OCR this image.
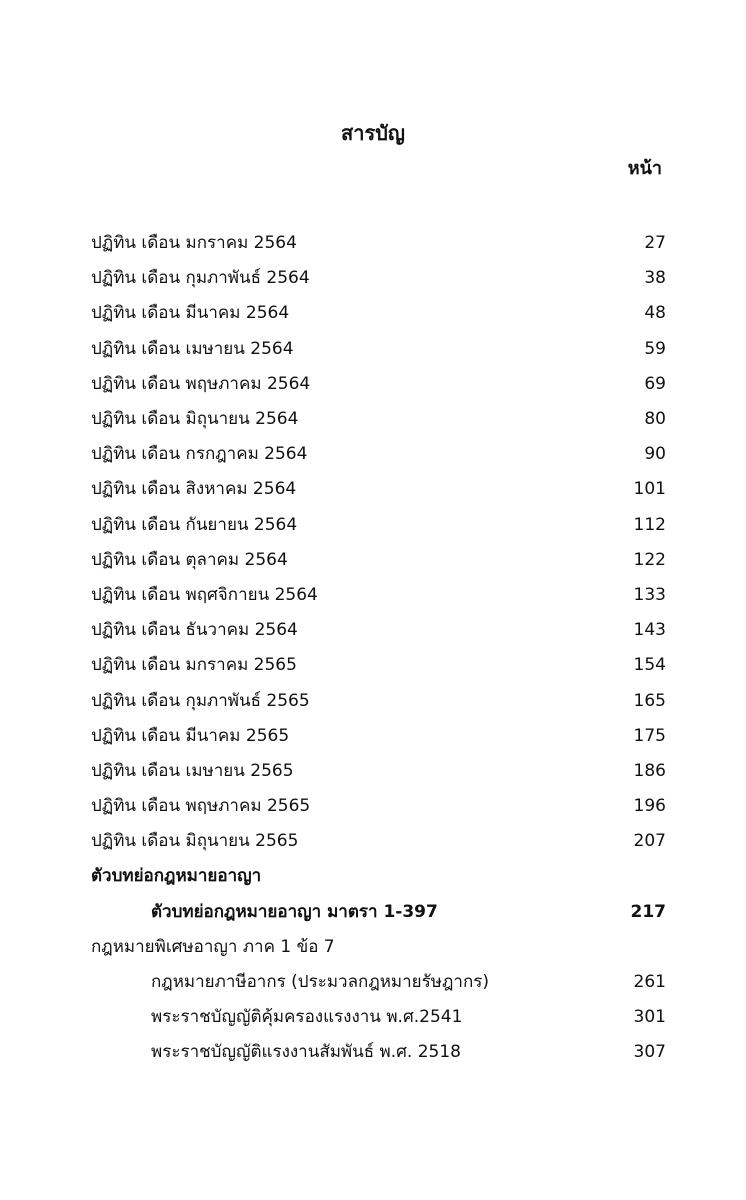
สารบัญ
หน้า
ปฏิทิน เดือน มกราคม 2564	27
ปฏิทิน เดือน กุมภาพันธ์ 2564	38
ปฏิทิน เดือน มีนาคม 2564	48
ปฏิทิน เดือน เมษายน 2564	59
ปฏิทิน เดือน พฤษภาคม 2564	69
ปฏิทิน เดือน มิถุนายน 2564	80
ปฏิทิน เดือน กรกฎาคม 2564	90
ปฏิทิน เดือน สิงหาคม 2564	101
ปฏิทิน เดือน กันยายน 2564	112
ปฏิทิน เดือน ตุลาคม 2564	122
ปฏิทิน เดือน พฤศจิกายน 2564	133
ปฏิทิน เดือน ธันวาคม 2564	143
ปฏิทิน เดือน มกราคม 2565	154
ปฏิทิน เดือน กุมภาพันธ์ 2565	165
ปฏิทิน เดือน มีนาคม 2565	175
ปฏิทิน เดือน เมษายน 2565	186
ปฏิทิน เดือน พฤษภาคม 2565	196
ปฏิทิน เดือน มิถุนายน 2565	207
ตัวบทย่อกฎหมายอาญา
ตัวบทย่อกฎหมายอาญา มาตรา 1-397	217
กฎหมายพิเศษอาญา ภาค 1 ข้อ 7
กฎหมายภาษีอากร (ประมวลกฎหมายรัษฎากร)	261
พระราชบัญญัติคุ้มครองแรงงาน พ.ศ.2541	301
พระราชบัญญัติแรงงานสัมพันธ์ พ.ศ. 2518	307
